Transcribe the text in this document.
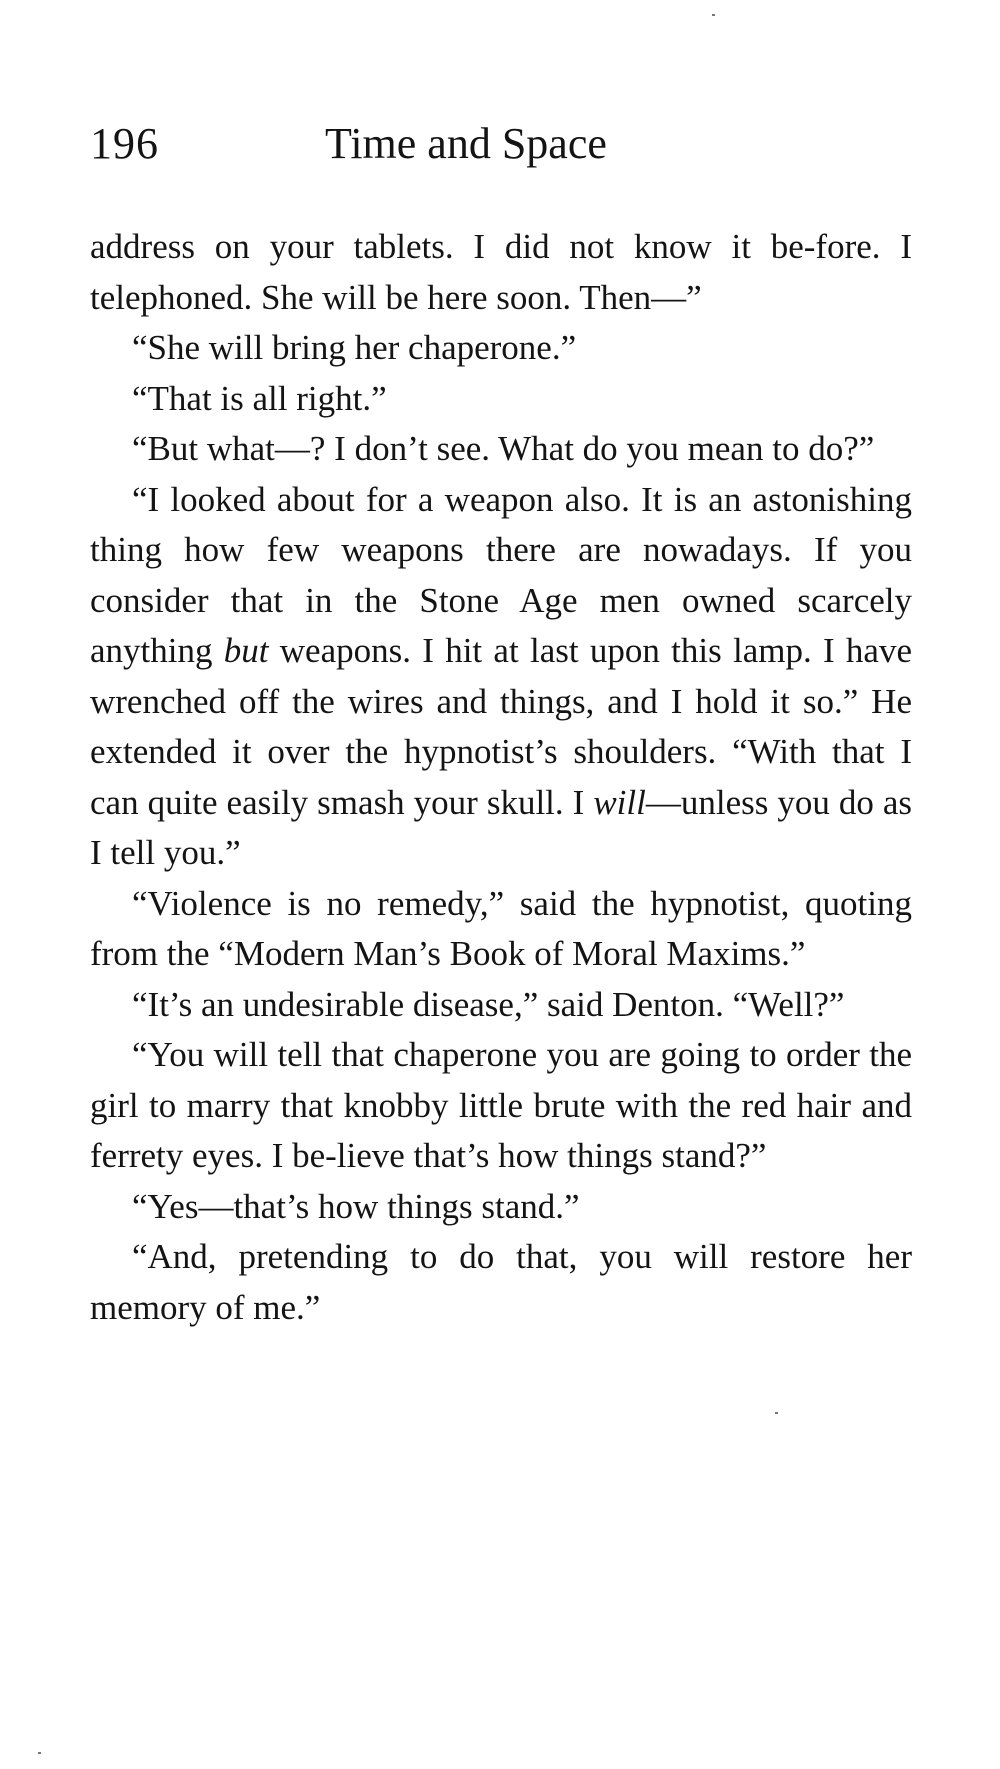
196	Time and Space

address on your tablets. I did not know it be-fore. I telephoned. She will be here soon. Then—”

“She will bring her chaperone.”

“That is all right.”

“But what—? I don’t see. What do you mean to do?”

“I looked about for a weapon also. It is an astonishing thing how few weapons there are nowadays. If you consider that in the Stone Age men owned scarcely anything but weapons. I hit at last upon this lamp. I have wrenched off the wires and things, and I hold it so.” He extended it over the hypnotist’s shoulders. “With that I can quite easily smash your skull. I will—unless you do as I tell you.”

“Violence is no remedy,” said the hypnotist, quoting from the “Modern Man’s Book of Moral Maxims.”

“It’s an undesirable disease,” said Denton. “Well?”

“You will tell that chaperone you are going to order the girl to marry that knobby little brute with the red hair and ferrety eyes. I be-lieve that’s how things stand?”

“Yes—that’s how things stand.”

“And, pretending to do that, you will restore her memory of me.”
